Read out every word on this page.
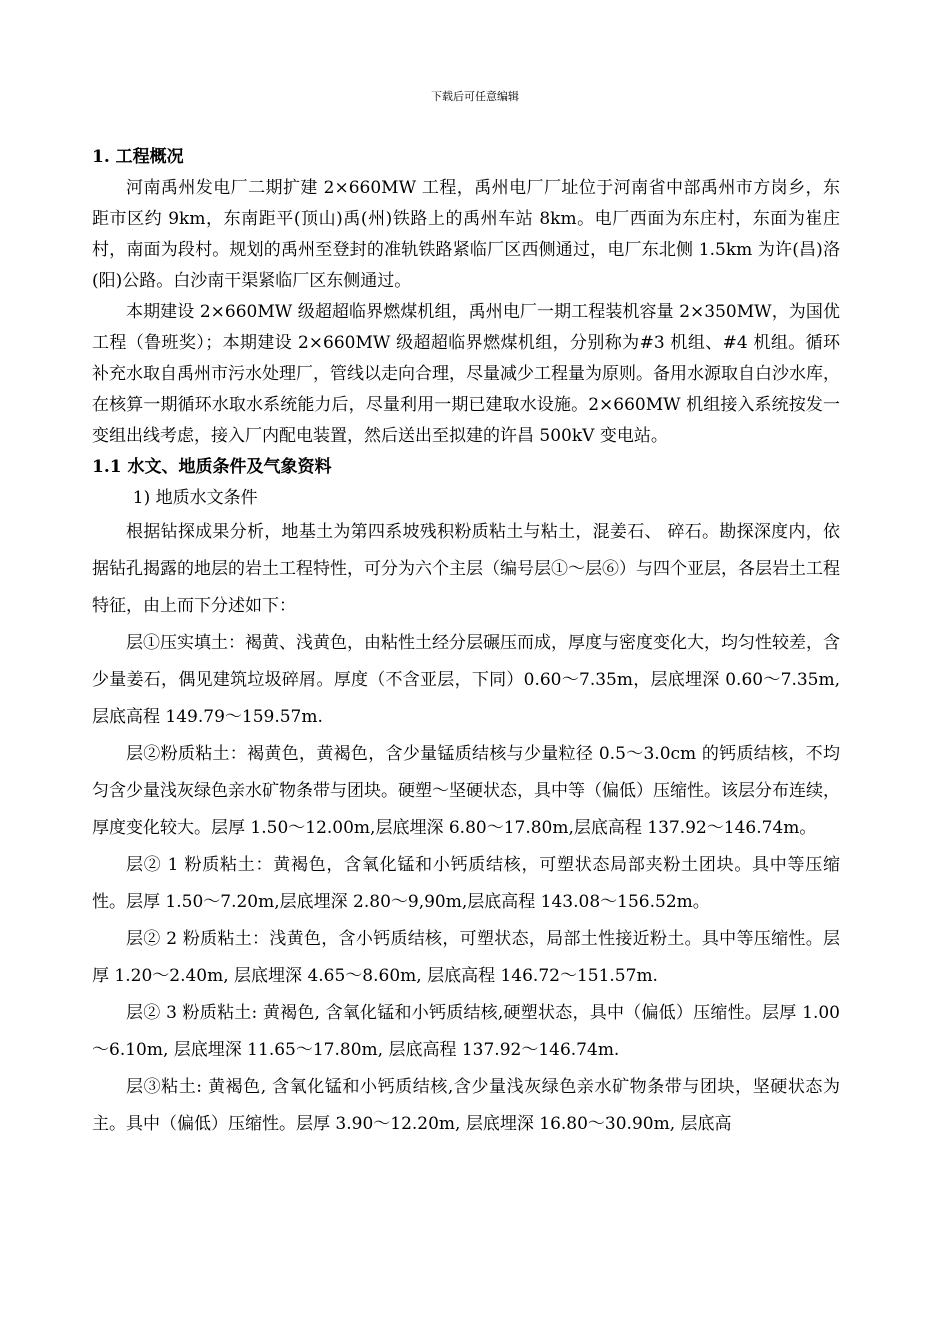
下载后可任意编辑

1. 工程概况

河南禹州发电厂二期扩建 2×660MW 工程，禹州电厂厂址位于河南省中部禹州市方岗乡，东距市区约 9km，东南距平(顶山)禹(州)铁路上的禹州车站 8km。电厂西面为东庄村，东面为崔庄村，南面为段村。规划的禹州至登封的准轨铁路紧临厂区西侧通过，电厂东北侧 1.5km 为许(昌)洛(阳)公路。白沙南干渠紧临厂区东侧通过。

本期建设 2×660MW 级超超临界燃煤机组，禹州电厂一期工程装机容量 2×350MW，为国优工程（鲁班奖）；本期建设 2×660MW 级超超临界燃煤机组，分别称为#3 机组、#4 机组。循环补充水取自禹州市污水处理厂，管线以走向合理，尽量减少工程量为原则。备用水源取自白沙水库，在核算一期循环水取水系统能力后，尽量利用一期已建取水设施。2×660MW 机组接入系统按发一变组出线考虑，接入厂内配电装置，然后送出至拟建的许昌 500kV 变电站。

1.1 水文、地质条件及气象资料

1) 地质水文条件

根据钻探成果分析，地基土为第四系坡残积粉质粘土与粘土，混姜石、 碎石。勘探深度内，依据钻孔揭露的地层的岩土工程特性，可分为六个主层（编号层①～层⑥）与四个亚层，各层岩土工程特征，由上而下分述如下：

层①压实填土：褐黄、浅黄色，由粘性土经分层碾压而成，厚度与密度变化大，均匀性较差，含少量姜石，偶见建筑垃圾碎屑。厚度（不含亚层，下同）0.60～7.35m，层底埋深 0.60～7.35m,层底高程 149.79～159.57m.

层②粉质粘土：褐黄色，黄褐色，含少量锰质结核与少量粒径 0.5～3.0cm 的钙质结核，不均匀含少量浅灰绿色亲水矿物条带与团块。硬塑～坚硬状态，具中等（偏低）压缩性。该层分布连续，厚度变化较大。层厚 1.50～12.00m,层底埋深 6.80～17.80m,层底高程 137.92～146.74m。

层② 1 粉质粘土：黄褐色，含氧化锰和小钙质结核，可塑状态局部夹粉土团块。具中等压缩性。层厚 1.50～7.20m,层底埋深 2.80～9,90m,层底高程 143.08～156.52m。

层② 2 粉质粘土：浅黄色，含小钙质结核，可塑状态，局部土性接近粉土。具中等压缩性。层厚 1.20～2.40m, 层底埋深 4.65～8.60m, 层底高程 146.72～151.57m.

层② 3 粉质粘土: 黄褐色, 含氧化锰和小钙质结核,硬塑状态，具中（偏低）压缩性。层厚 1.00～6.10m, 层底埋深 11.65～17.80m, 层底高程 137.92～146.74m.

层③粘土: 黄褐色, 含氧化锰和小钙质结核,含少量浅灰绿色亲水矿物条带与团块，坚硬状态为主。具中（偏低）压缩性。层厚 3.90～12.20m, 层底埋深 16.80～30.90m, 层底高
